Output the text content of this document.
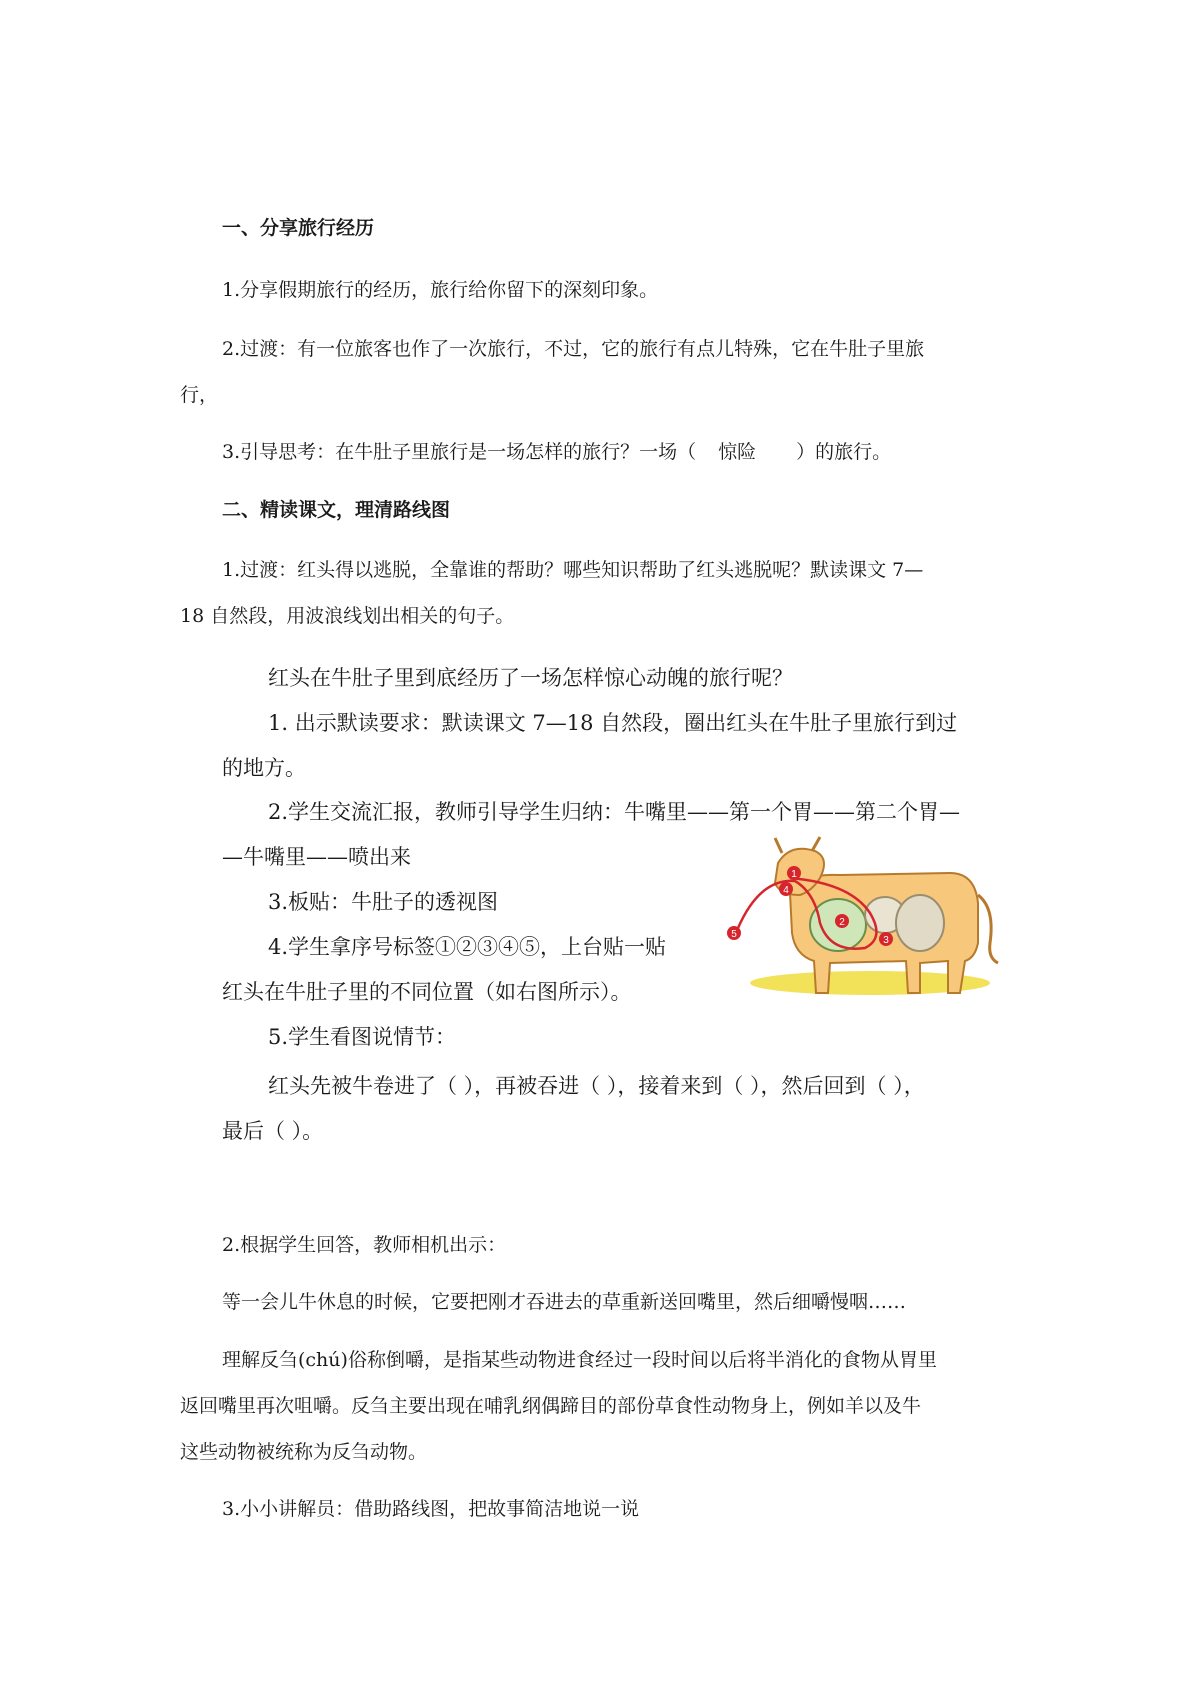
一、分享旅行经历
1.分享假期旅行的经历，旅行给你留下的深刻印象。
2.过渡：有一位旅客也作了一次旅行，不过，它的旅行有点儿特殊，它在牛肚子里旅
行，
3.引导思考：在牛肚子里旅行是一场怎样的旅行？一场（ 惊险 ）的旅行。
二、精读课文，理清路线图
1.过渡：红头得以逃脱，全靠谁的帮助？哪些知识帮助了红头逃脱呢？默读课文 7—
18 自然段，用波浪线划出相关的句子。
红头在牛肚子里到底经历了一场怎样惊心动魄的旅行呢？
1. 出示默读要求：默读课文 7—18 自然段，圈出红头在牛肚子里旅行到过
的地方。
2.学生交流汇报，教师引导学生归纳：牛嘴里——第一个胃——第二个胃—
—牛嘴里——喷出来
3.板贴：牛肚子的透视图
4.学生拿序号标签①②③④⑤，上台贴一贴
红头在牛肚子里的不同位置（如右图所示）。
5.学生看图说情节：
红头先被牛卷进了（ ），再被吞进（ ），接着来到（ ），然后回到（ ），
最后（ ）。
1
4
2
3
5
2.根据学生回答，教师相机出示：
等一会儿牛休息的时候，它要把刚才吞进去的草重新送回嘴里，然后细嚼慢咽……
理解反刍(chú)俗称倒嚼，是指某些动物进食经过一段时间以后将半消化的食物从胃里
返回嘴里再次咀嚼。反刍主要出现在哺乳纲偶蹄目的部份草食性动物身上，例如羊以及牛
这些动物被统称为反刍动物。
3.小小讲解员：借助路线图，把故事简洁地说一说
